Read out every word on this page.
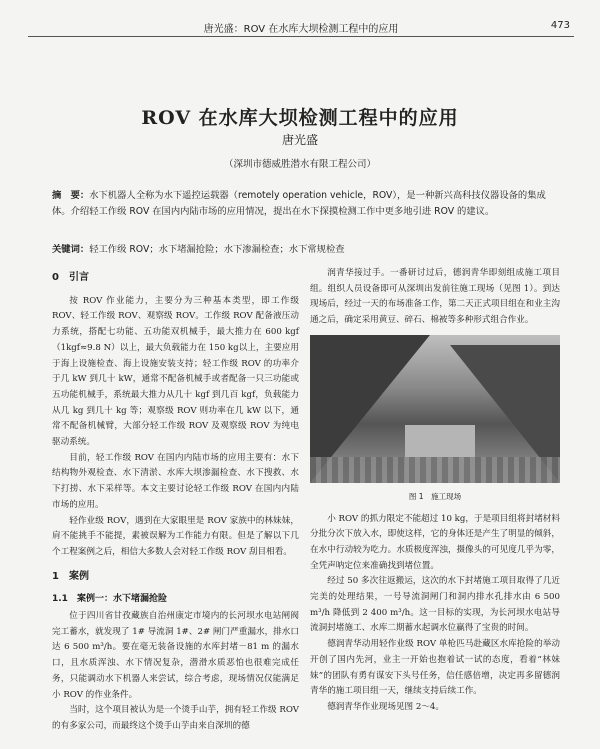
唐光盛：ROV 在水库大坝检测工程中的应用	473
ROV 在水库大坝检测工程中的应用
唐光盛
（深圳市德威胜潜水有限工程公司）
摘　要：水下机器人全称为水下遥控运载器（remotely operation vehicle，ROV），是一种新兴高科技仪器设备的集成体。介绍轻工作级 ROV 在国内内陆市场的应用情况，提出在水下探摸检测工作中更多地引进 ROV 的建议。
关键词：轻工作级 ROV；水下堵漏抢险；水下渗漏检查；水下常规检查
0　引言

按 ROV 作业能力，主要分为三种基本类型，即工作级 ROV、轻工作级 ROV、观察级 ROV。工作级 ROV 配备液压动力系统，搭配七功能、五功能双机械手，最大推力在 600 kgf（1kgf≈9.8 N）以上，最大负载能力在 150 kg以上，主要应用于海上设施检查、海上设施安装支持；轻工作级 ROV 的功率介于几 kW 到几十 kW，通常不配备机械手或者配备一只三功能或五功能机械手，系统最大推力从几十 kgf 到几百 kgf，负载能力从几 kg 到几十 kg 等；观察级 ROV 则功率在几 kW 以下，通常不配备机械臂，大部分轻工作级 ROV 及观察级 ROV 为纯电驱动系统。

目前，轻工作级 ROV 在国内内陆市场的应用主要有：水下结构物外观检查、水下清淤、水库大坝渗漏检查、水下搜救、水下打捞、水下采样等。本文主要讨论轻工作级 ROV 在国内内陆市场的应用。

轻作业级 ROV，遇到在大家眼里是 ROV 家族中的林妹妹，肩不能挑手不能提，素被误解为工作能力有限。但是了解以下几个工程案例之后，相信大多数人会对轻工作级 ROV 刮目相看。

1　案例
1.1　案例一：水下堵漏抢险

位于四川省甘孜藏族自治州康定市境内的长河坝水电站闸阀完工蓄水，就发现了 1# 导流洞 1#、2# 闸门严重漏水，排水口达 6 500 m³/h。要在毫无装备设施的水库封堵－81 m 的漏水口，且水质浑浊、水下情况复杂，潜滑水质恶怕也很难完成任务，只能调动水下机器人来尝试，综合考虑，现场情况仅能满足小 ROV 的作业条件。

当时，这个项目被认为是一个烫手山芋，拥有轻工作级 ROV 的有多家公司，而最终这个烫手山芋由来自深圳的德

润青华接过手。一番研讨过后，德润青华即刻组成施工项目组。组织人员设备即可从深圳出发前往施工现场（见图 1）。到达现场后，经过一天的布场准备工作，第二天正式项目组在和业主沟通之后，确定采用黄豆、碎石、棉被等多种形式组合作业。

图 1　施工现场

小 ROV 的抓力限定不能超过 10 kg，于是项目组将封堵材料分批分次下放入水，即使这样，它的身体还是产生了明显的倾斜，在水中行动较为吃力。水质极度浑浊，摄像头的可见度几乎为零，全凭声呐定位来准确找到堵位置。

经过 50 多次往返搬运，这次的水下封堵施工项目取得了几近完美的处理结果，一号导流洞闸门和洞内排水孔排水由 6 500 m³/h 降低到 2 400 m³/h。这一目标的实现，为长河坝水电站导流洞封堵施工、水库二期蓄水起调水位赢得了宝贵的时间。

德润青华动用轻作业级 ROV 单枪匹马赴藏区水库抢险的举动开创了国内先河，业主一开始也抱着试一试的态度，看着“林妹妹”的团队有勇有谋安下头号任务，信任感倍增，决定再多留德润青华的施工项目组一天，继续支持后续工作。

德润青华作业现场见图 2～4。
